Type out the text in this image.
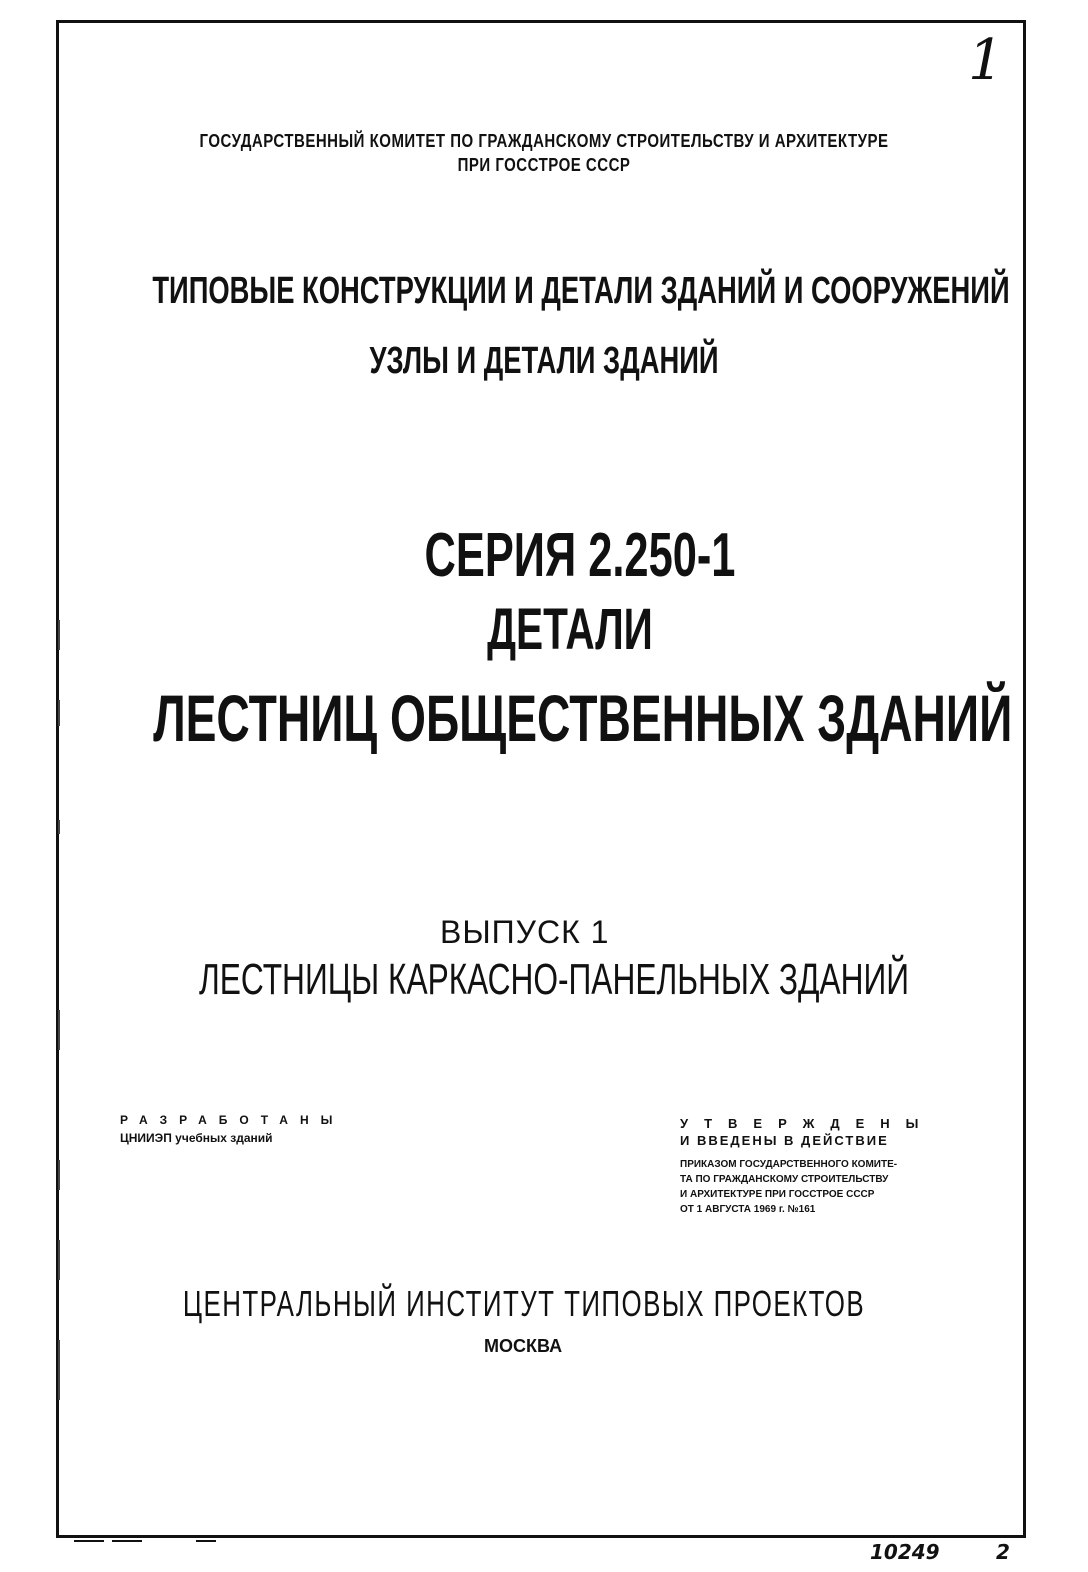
1
ГОСУДАРСТВЕННЫЙ КОМИТЕТ ПО ГРАЖДАНСКОМУ СТРОИТЕЛЬСТВУ И АРХИТЕКТУРЕ
ПРИ ГОССТРОЕ СССР
ТИПОВЫЕ КОНСТРУКЦИИ И ДЕТАЛИ ЗДАНИЙ И СООРУЖЕНИЙ
УЗЛЫ И ДЕТАЛИ ЗДАНИЙ
СЕРИЯ 2.250-1
ДЕТАЛИ
ЛЕСТНИЦ ОБЩЕСТВЕННЫХ ЗДАНИЙ
ВЫПУСК 1
ЛЕСТНИЦЫ КАРКАСНО-ПАНЕЛЬНЫХ ЗДАНИЙ
РАЗРАБОТАНЫ
ЦНИИЭП учебных зданий
УТВЕРЖДЕНЫ
И ВВЕДЕНЫ В ДЕЙСТВИЕ
ПРИКАЗОМ ГОСУДАРСТВЕННОГО КОМИТЕ-
ТА ПО ГРАЖДАНСКОМУ СТРОИТЕЛЬСТВУ
И АРХИТЕКТУРЕ ПРИ ГОССТРОЕ СССР
ОТ 1 АВГУСТА 1969 г. №161
ЦЕНТРАЛЬНЫЙ ИНСТИТУТ ТИПОВЫХ ПРОЕКТОВ
МОСКВА
10249	2
